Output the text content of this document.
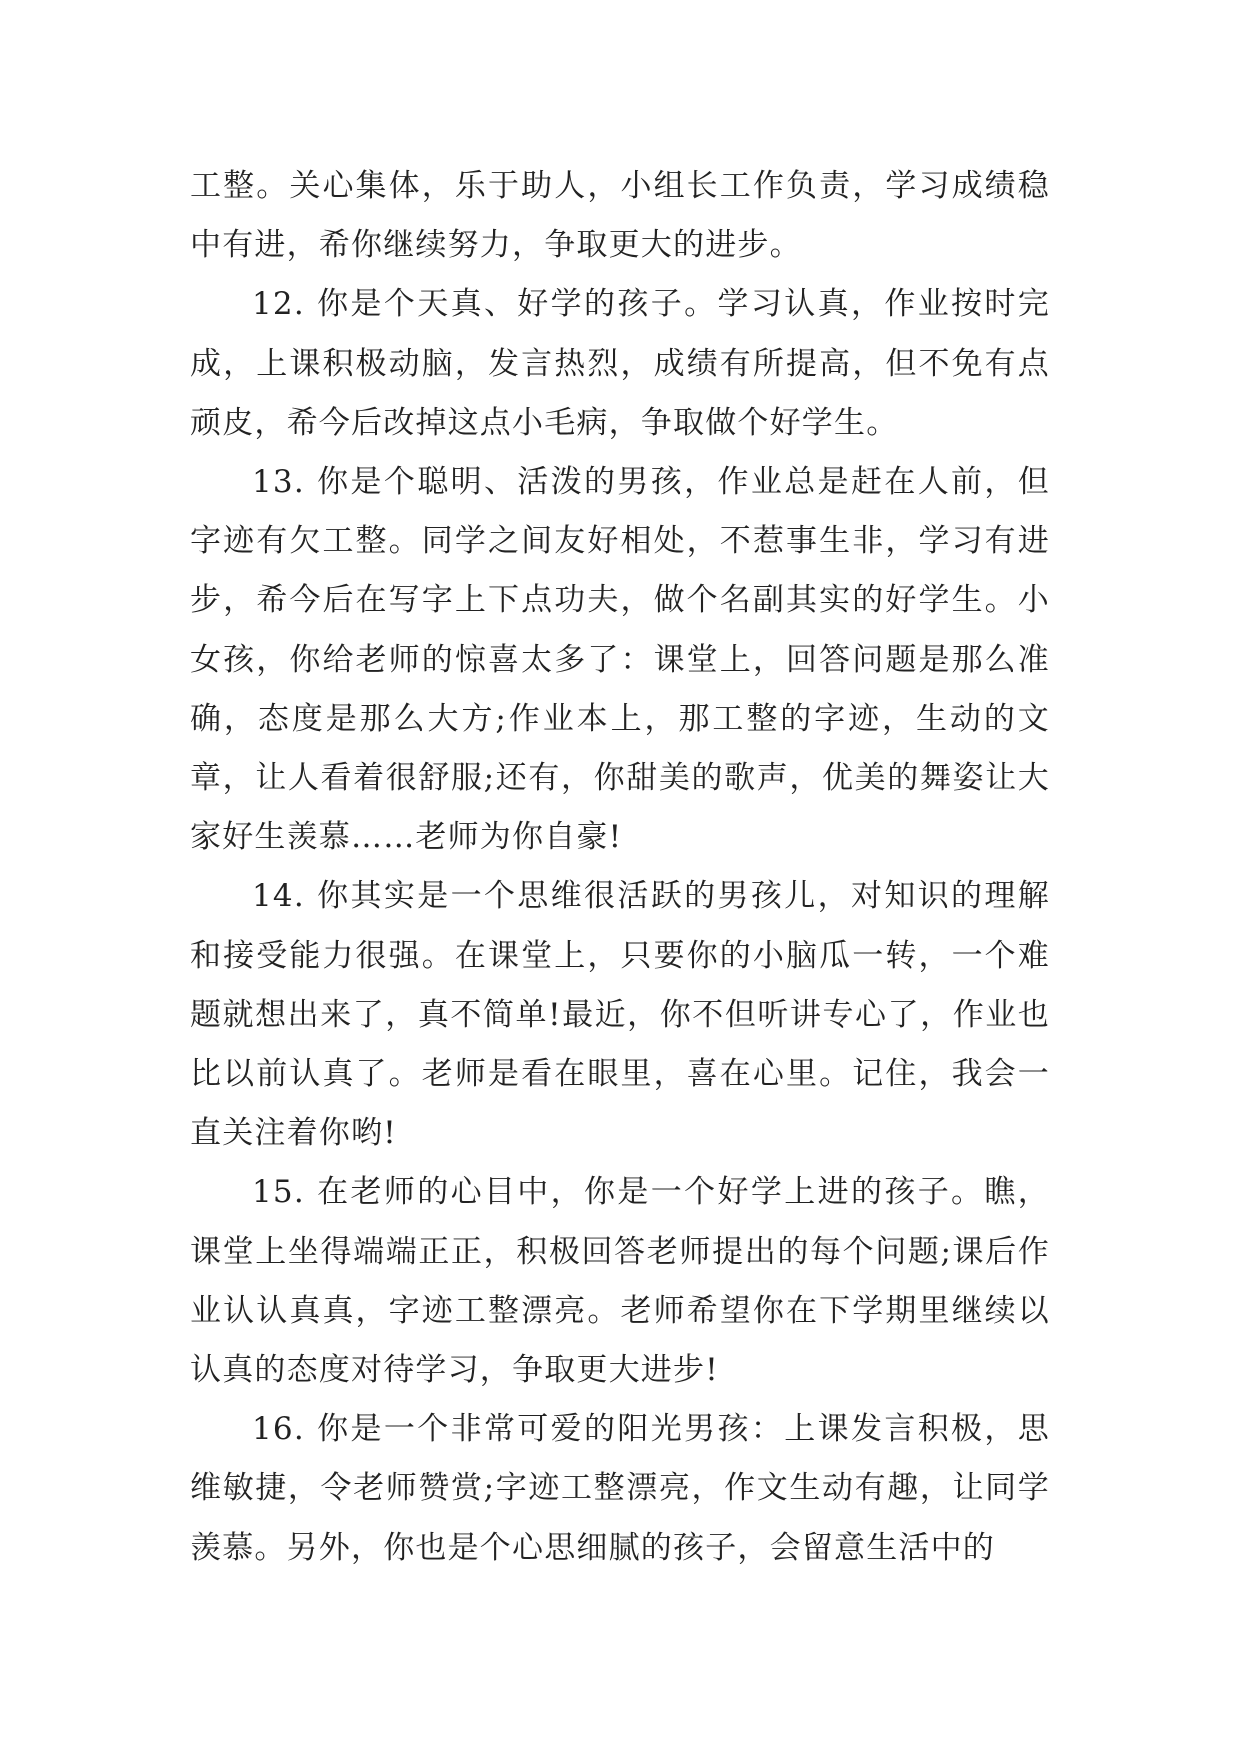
工整。关心集体，乐于助人，小组长工作负责，学习成绩稳中有进，希你继续努力，争取更大的进步。

12. 你是个天真、好学的孩子。学习认真，作业按时完成，上课积极动脑，发言热烈，成绩有所提高，但不免有点顽皮，希今后改掉这点小毛病，争取做个好学生。

13. 你是个聪明、活泼的男孩，作业总是赶在人前，但字迹有欠工整。同学之间友好相处，不惹事生非，学习有进步，希今后在写字上下点功夫，做个名副其实的好学生。小女孩，你给老师的惊喜太多了：课堂上，回答问题是那么准确，态度是那么大方;作业本上，那工整的字迹，生动的文章，让人看着很舒服;还有，你甜美的歌声，优美的舞姿让大家好生羡慕……老师为你自豪!

14. 你其实是一个思维很活跃的男孩儿，对知识的理解和接受能力很强。在课堂上，只要你的小脑瓜一转，一个难题就想出来了，真不简单!最近，你不但听讲专心了，作业也比以前认真了。老师是看在眼里，喜在心里。记住，我会一直关注着你哟!

15. 在老师的心目中，你是一个好学上进的孩子。瞧，课堂上坐得端端正正，积极回答老师提出的每个问题;课后作业认认真真，字迹工整漂亮。老师希望你在下学期里继续以认真的态度对待学习，争取更大进步!

16. 你是一个非常可爱的阳光男孩：上课发言积极，思维敏捷，令老师赞赏;字迹工整漂亮，作文生动有趣，让同学羡慕。另外，你也是个心思细腻的孩子，会留意生活中的
